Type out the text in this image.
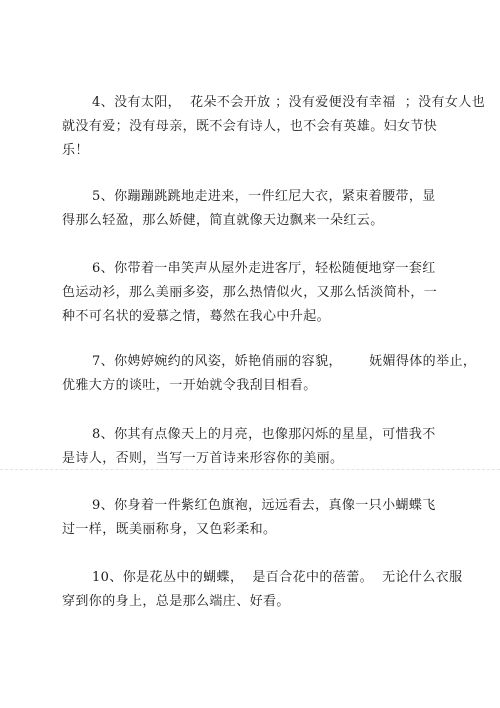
4、没有太阳，  花朵不会开放 ；没有爱便没有幸福  ；没有女人也
就没有爱；没有母亲，既不会有诗人，也不会有英雄。妇女节快
乐！
5、你蹦蹦跳跳地走进来，一件红尼大衣，紧束着腰带，显
得那么轻盈，那么娇健，简直就像天边飘来一朵红云。
6、你带着一串笑声从屋外走进客厅，轻松随便地穿一套红
色运动衫，那么美丽多姿，那么热情似火，又那么恬淡简朴，一
种不可名状的爱慕之情，蓦然在我心中升起。
7、你娉婷婉约的风姿，娇艳俏丽的容貌，      妩媚得体的举止，
优雅大方的谈吐，一开始就令我刮目相看。
8、你其有点像天上的月亮，也像那闪烁的星星，可惜我不
是诗人，否则，当写一万首诗来形容你的美丽。
9、你身着一件紫红色旗袍，远远看去，真像一只小蝴蝶飞
过一样，既美丽称身，又色彩柔和。
10、你是花丛中的蝴蝶，  是百合花中的蓓蕾。  无论什么衣服
穿到你的身上，总是那么端庄、好看。
